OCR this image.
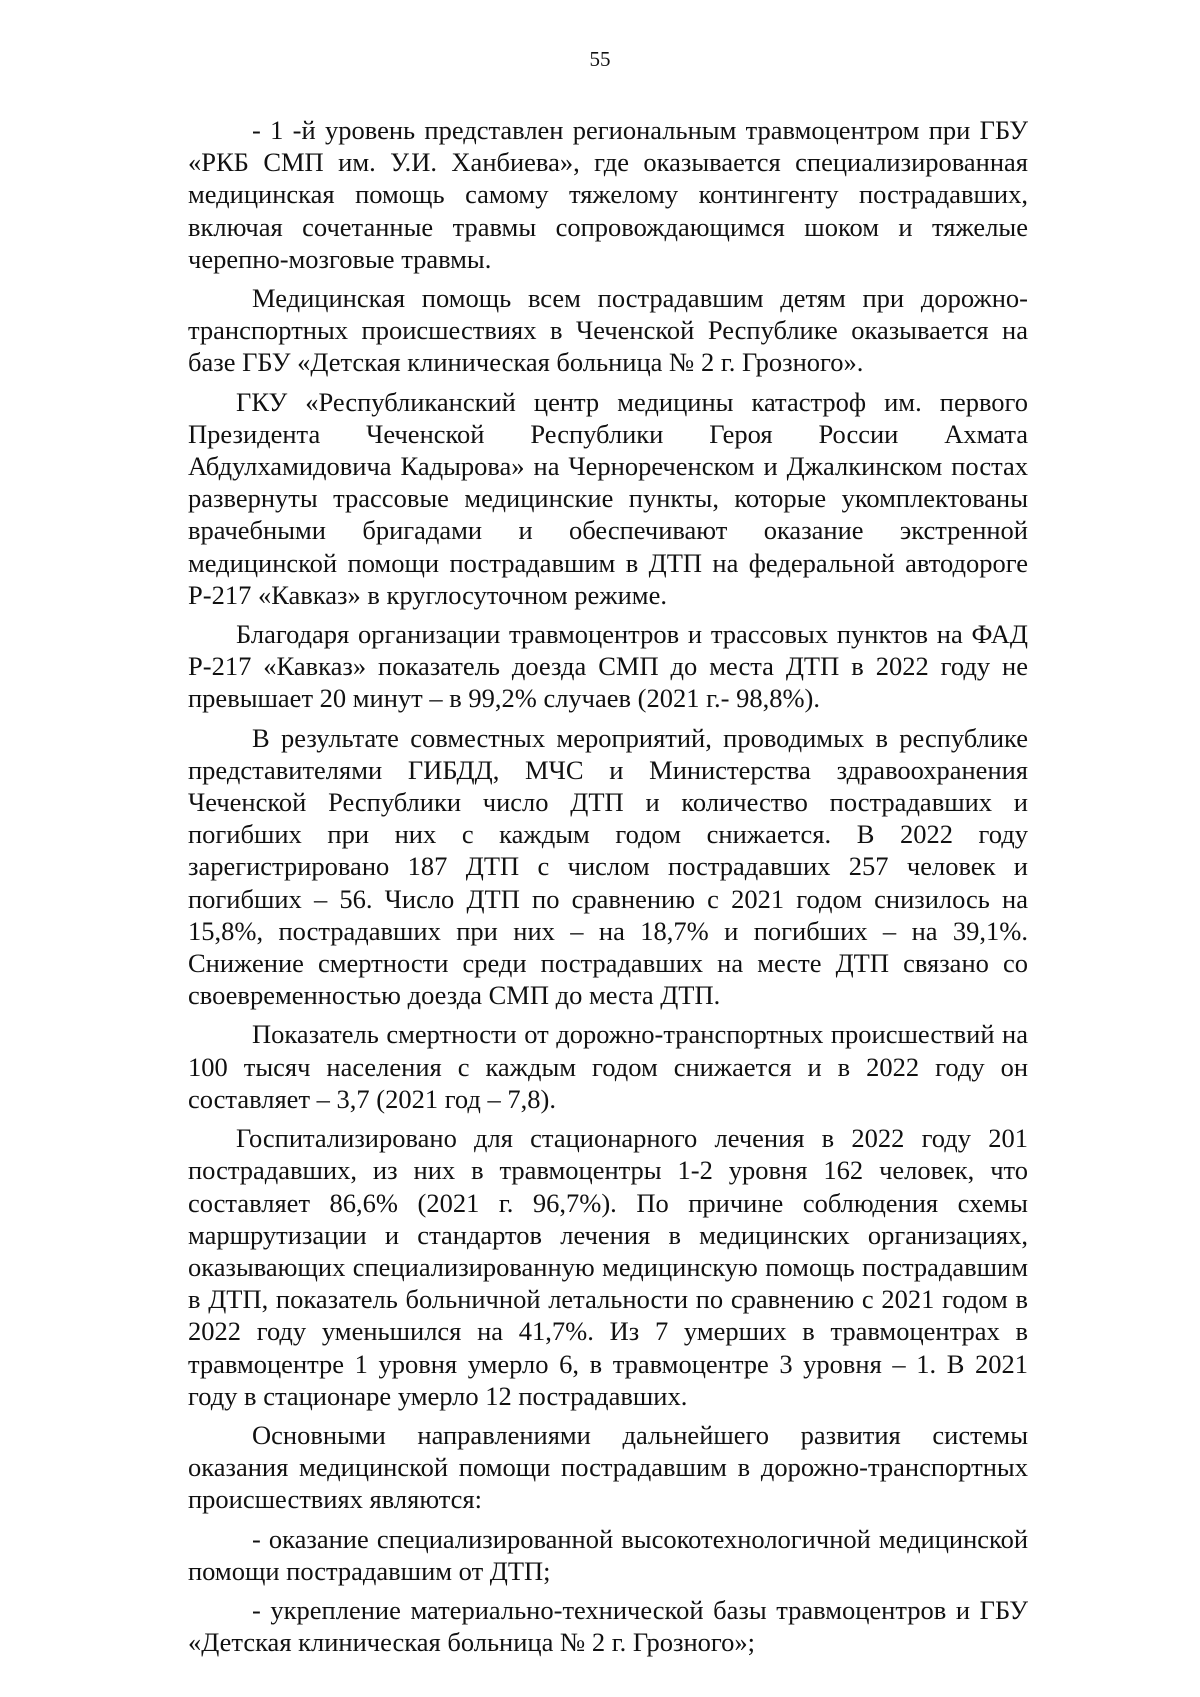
55

- 1 -й уровень представлен региональным травмоцентром при ГБУ «РКБ СМП им. У.И. Ханбиева», где оказывается специализированная медицинская помощь самому тяжелому контингенту пострадавших, включая сочетанные травмы сопровождающимся шоком и тяжелые черепно-мозговые травмы.

Медицинская помощь всем пострадавшим детям при дорожно-транспортных происшествиях в Чеченской Республике оказывается на базе ГБУ «Детская клиническая больница № 2 г. Грозного».

ГКУ «Республиканский центр медицины катастроф им. первого Президента Чеченской Республики Героя России Ахмата Абдулхамидовича Кадырова» на Чернореченском и Джалкинском постах развернуты трассовые медицинские пункты, которые укомплектованы врачебными бригадами и обеспечивают оказание экстренной медицинской помощи пострадавшим в ДТП на федеральной автодороге Р-217 «Кавказ» в круглосуточном режиме.

Благодаря организации травмоцентров и трассовых пунктов на ФАД Р-217 «Кавказ» показатель доезда СМП до места ДТП в 2022 году не превышает 20 минут – в 99,2% случаев (2021 г.- 98,8%).

В результате совместных мероприятий, проводимых в республике представителями ГИБДД, МЧС и Министерства здравоохранения Чеченской Республики число ДТП и количество пострадавших и погибших при них с каждым годом снижается. В 2022 году зарегистрировано 187 ДТП с числом пострадавших 257 человек и погибших – 56. Число ДТП по сравнению с 2021 годом снизилось на 15,8%, пострадавших при них – на 18,7% и погибших – на 39,1%. Снижение смертности среди пострадавших на месте ДТП связано со своевременностью доезда СМП до места ДТП.

Показатель смертности от дорожно-транспортных происшествий на 100 тысяч населения с каждым годом снижается и в 2022 году он составляет – 3,7 (2021 год – 7,8).

Госпитализировано для стационарного лечения в 2022 году 201 пострадавших, из них в травмоцентры 1-2 уровня 162 человек, что составляет 86,6% (2021 г. 96,7%). По причине соблюдения схемы маршрутизации и стандартов лечения в медицинских организациях, оказывающих специализированную медицинскую помощь пострадавшим в ДТП, показатель больничной летальности по сравнению с 2021 годом в 2022 году уменьшился на 41,7%. Из 7 умерших в травмоцентрах в травмоцентре 1 уровня умерло 6, в травмоцентре 3 уровня – 1. В 2021 году в стационаре умерло 12 пострадавших.

Основными направлениями дальнейшего развития системы оказания медицинской помощи пострадавшим в дорожно-транспортных происшествиях являются:

- оказание специализированной высокотехнологичной медицинской помощи пострадавшим от ДТП;

- укрепление материально-технической базы травмоцентров и ГБУ «Детская клиническая больница № 2 г. Грозного»;
